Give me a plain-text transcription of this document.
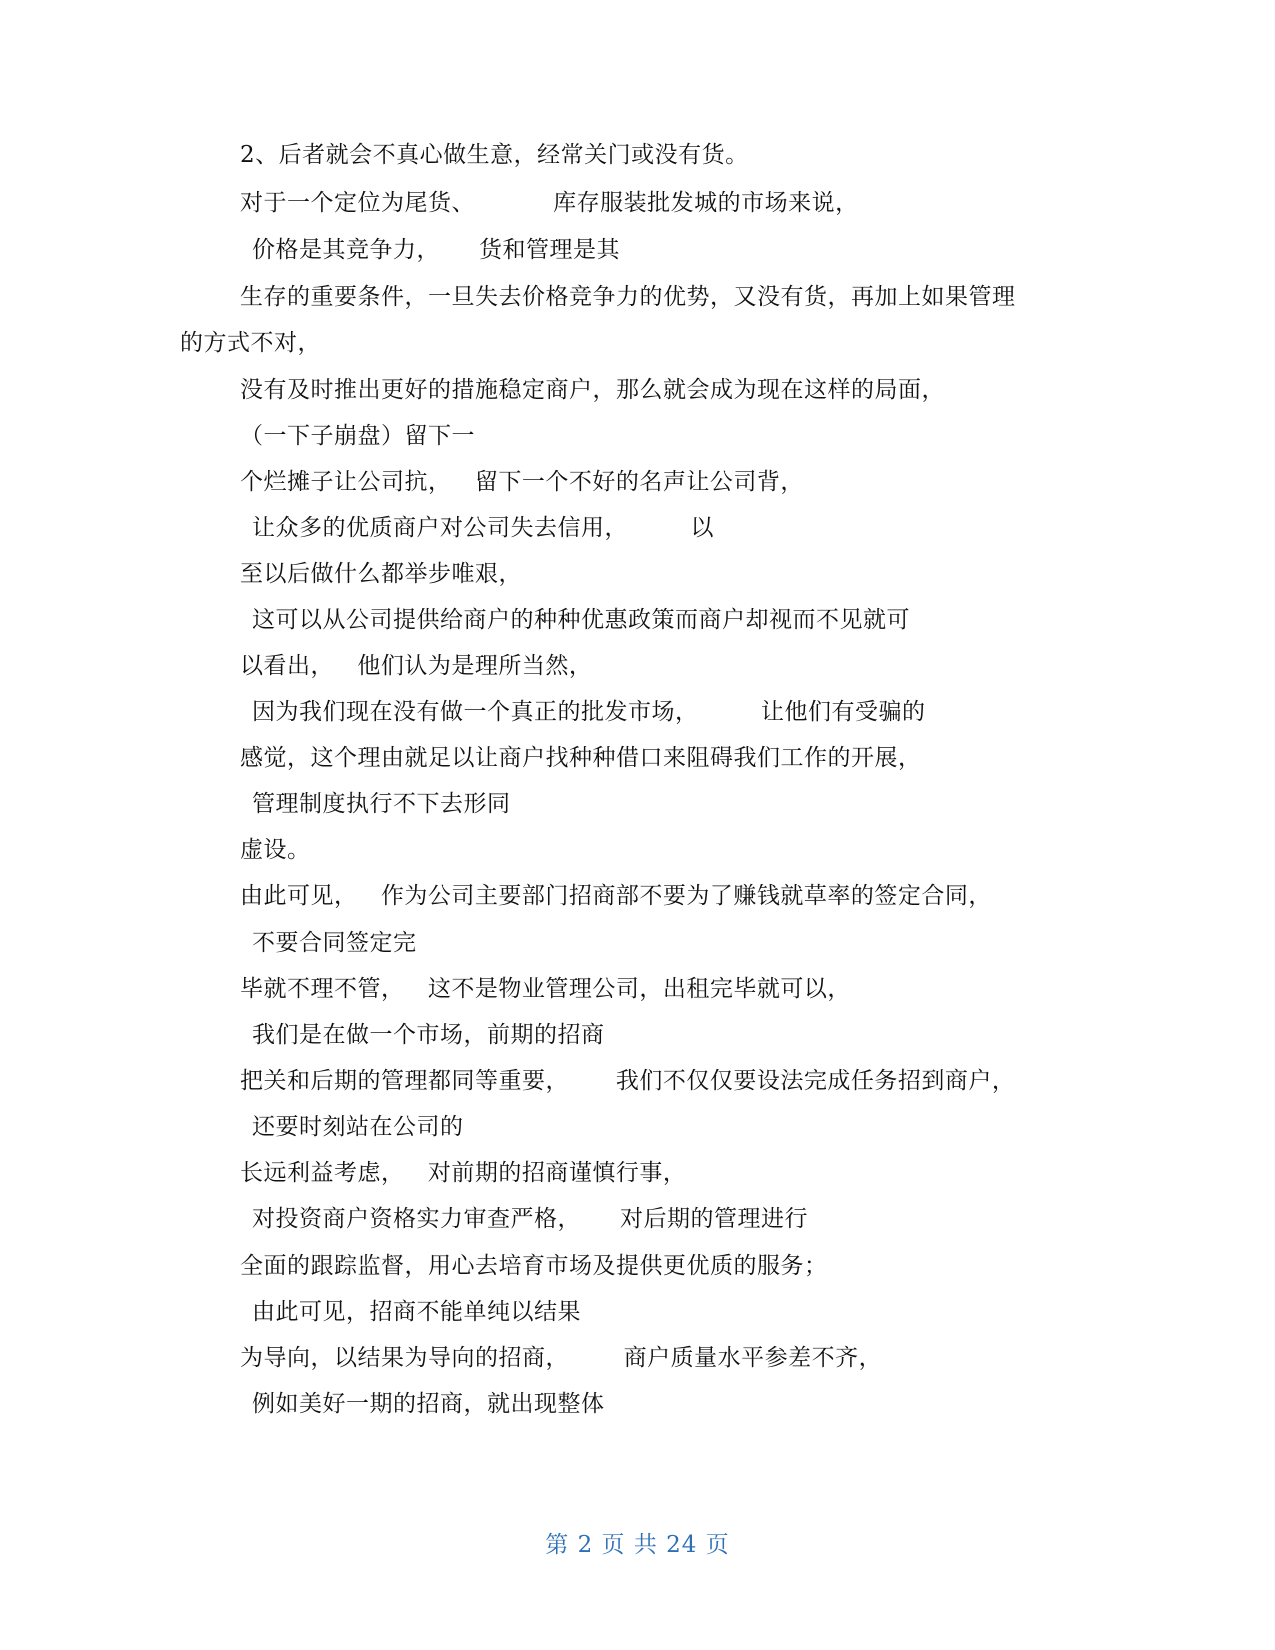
2、后者就会不真心做生意，经常关门或没有货。
对于一个定位为尾货、          库存服装批发城的市场来说，
价格是其竞争力，     货和管理是其
生存的重要条件，一旦失去价格竞争力的优势，又没有货，再加上如果管理
的方式不对，
没有及时推出更好的措施稳定商户，那么就会成为现在这样的局面，
（一下子崩盘）留下一
个烂摊子让公司抗，   留下一个不好的名声让公司背，
让众多的优质商户对公司失去信用，        以
至以后做什么都举步唯艰，
这可以从公司提供给商户的种种优惠政策而商户却视而不见就可
以看出，   他们认为是理所当然，
因为我们现在没有做一个真正的批发市场，        让他们有受骗的
感觉，这个理由就足以让商户找种种借口来阻碍我们工作的开展，
管理制度执行不下去形同
虚设。
由此可见，   作为公司主要部门招商部不要为了赚钱就草率的签定合同，
不要合同签定完
毕就不理不管，   这不是物业管理公司，出租完毕就可以，
我们是在做一个市场，前期的招商
把关和后期的管理都同等重要，      我们不仅仅要设法完成任务招到商户，
还要时刻站在公司的
长远利益考虑，   对前期的招商谨慎行事，
对投资商户资格实力审查严格，     对后期的管理进行
全面的跟踪监督，用心去培育市场及提供更优质的服务；
由此可见，招商不能单纯以结果
为导向，以结果为导向的招商，       商户质量水平参差不齐，
例如美好一期的招商，就出现整体
第 2 页 共 24 页
